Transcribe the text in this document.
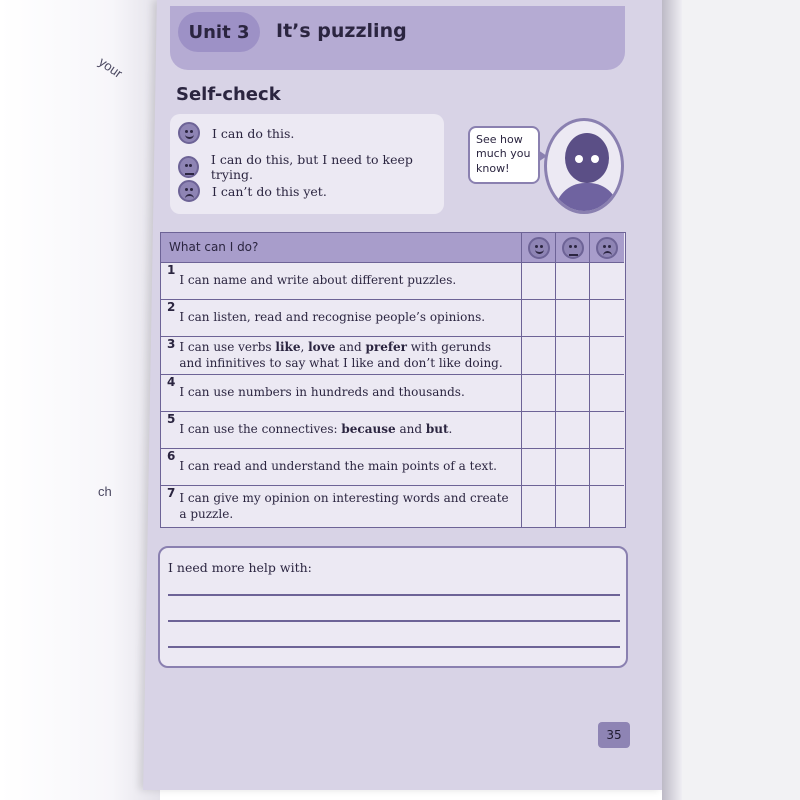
your
ch
Unit 3	It’s puzzling
Self-check
I can do this.
I can do this, but I need to keep trying.
I can’t do this yet.
See how
much you
know!
What can I do?
1
I can name and write about different puzzles.
2
I can listen, read and recognise people’s opinions.
3 I can use verbs like, love and prefer with gerunds and infinitives to say what I like and don’t like doing.
4
I can use numbers in hundreds and thousands.
5
I can use the connectives: because and but.
6
I can read and understand the main points of a text.
7 I can give my opinion on interesting words and create a puzzle.
I need more help with:
35
